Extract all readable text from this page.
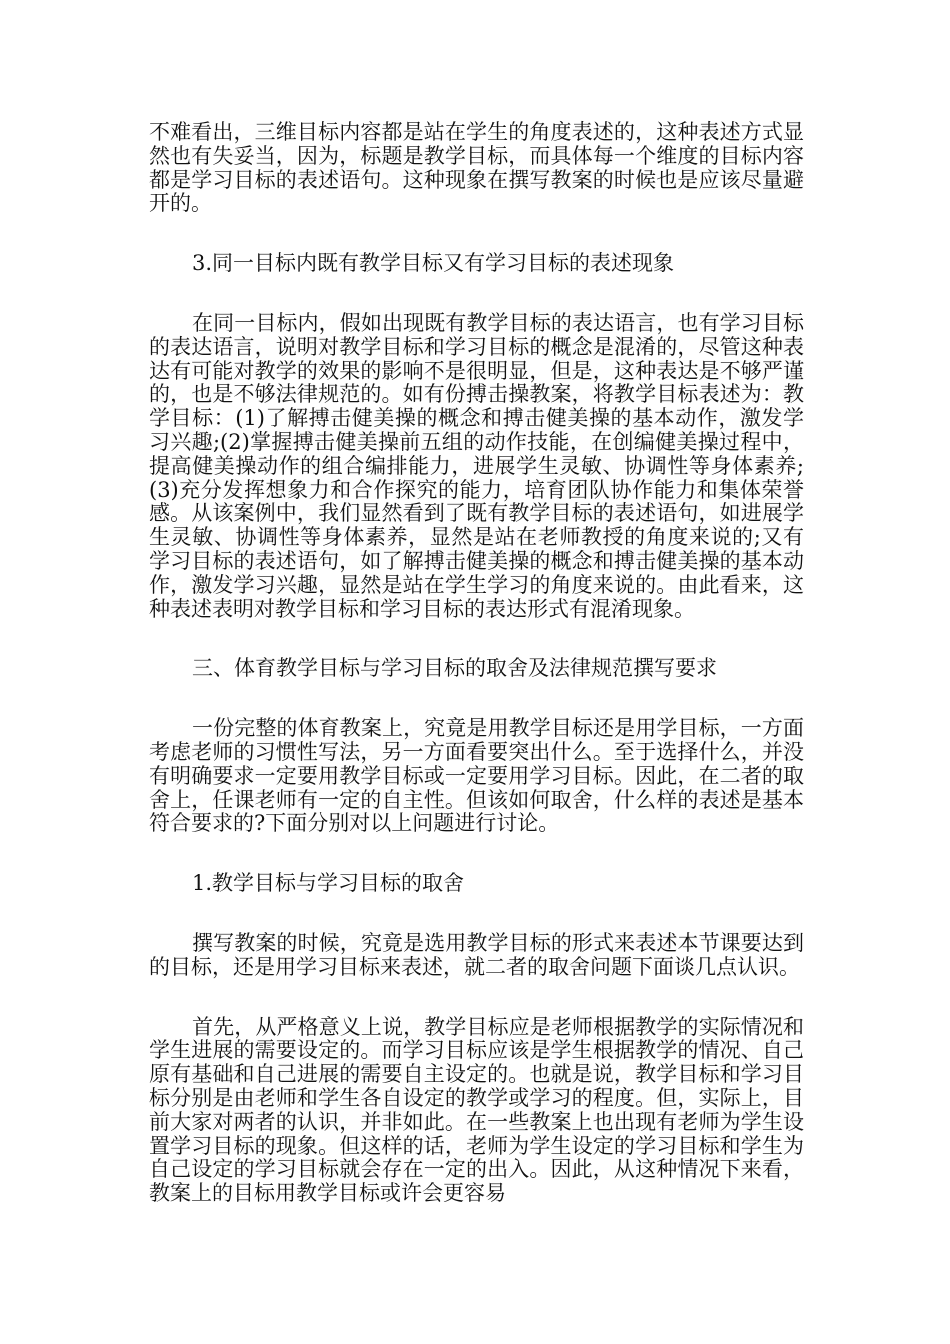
不难看出，三维目标内容都是站在学生的角度表述的，这种表述方式显然也有失妥当，因为，标题是教学目标，而具体每一个维度的目标内容都是学习目标的表述语句。这种现象在撰写教案的时候也是应该尽量避开的。

3.同一目标内既有教学目标又有学习目标的表述现象

在同一目标内，假如出现既有教学目标的表达语言，也有学习目标的表达语言，说明对教学目标和学习目标的概念是混淆的，尽管这种表达有可能对教学的效果的影响不是很明显，但是，这种表达是不够严谨的，也是不够法律规范的。如有份搏击操教案，将教学目标表述为：教学目标：(1)了解搏击健美操的概念和搏击健美操的基本动作，激发学习兴趣;(2)掌握搏击健美操前五组的动作技能，在创编健美操过程中，提高健美操动作的组合编排能力，进展学生灵敏、协调性等身体素养;(3)充分发挥想象力和合作探究的能力，培育团队协作能力和集体荣誉感。从该案例中，我们显然看到了既有教学目标的表述语句，如进展学生灵敏、协调性等身体素养，显然是站在老师教授的角度来说的;又有学习目标的表述语句，如了解搏击健美操的概念和搏击健美操的基本动作，激发学习兴趣，显然是站在学生学习的角度来说的。由此看来，这种表述表明对教学目标和学习目标的表达形式有混淆现象。

三、体育教学目标与学习目标的取舍及法律规范撰写要求

一份完整的体育教案上，究竟是用教学目标还是用学目标，一方面考虑老师的习惯性写法，另一方面看要突出什么。至于选择什么，并没有明确要求一定要用教学目标或一定要用学习目标。因此，在二者的取舍上，任课老师有一定的自主性。但该如何取舍，什么样的表述是基本符合要求的?下面分别对以上问题进行讨论。

1.教学目标与学习目标的取舍

撰写教案的时候，究竟是选用教学目标的形式来表述本节课要达到的目标，还是用学习目标来表述，就二者的取舍问题下面谈几点认识。

首先，从严格意义上说，教学目标应是老师根据教学的实际情况和学生进展的需要设定的。而学习目标应该是学生根据教学的情况、自己原有基础和自己进展的需要自主设定的。也就是说，教学目标和学习目标分别是由老师和学生各自设定的教学或学习的程度。但，实际上，目前大家对两者的认识，并非如此。在一些教案上也出现有老师为学生设置学习目标的现象。但这样的话，老师为学生设定的学习目标和学生为自己设定的学习目标就会存在一定的出入。因此，从这种情况下来看，教案上的目标用教学目标或许会更容易
